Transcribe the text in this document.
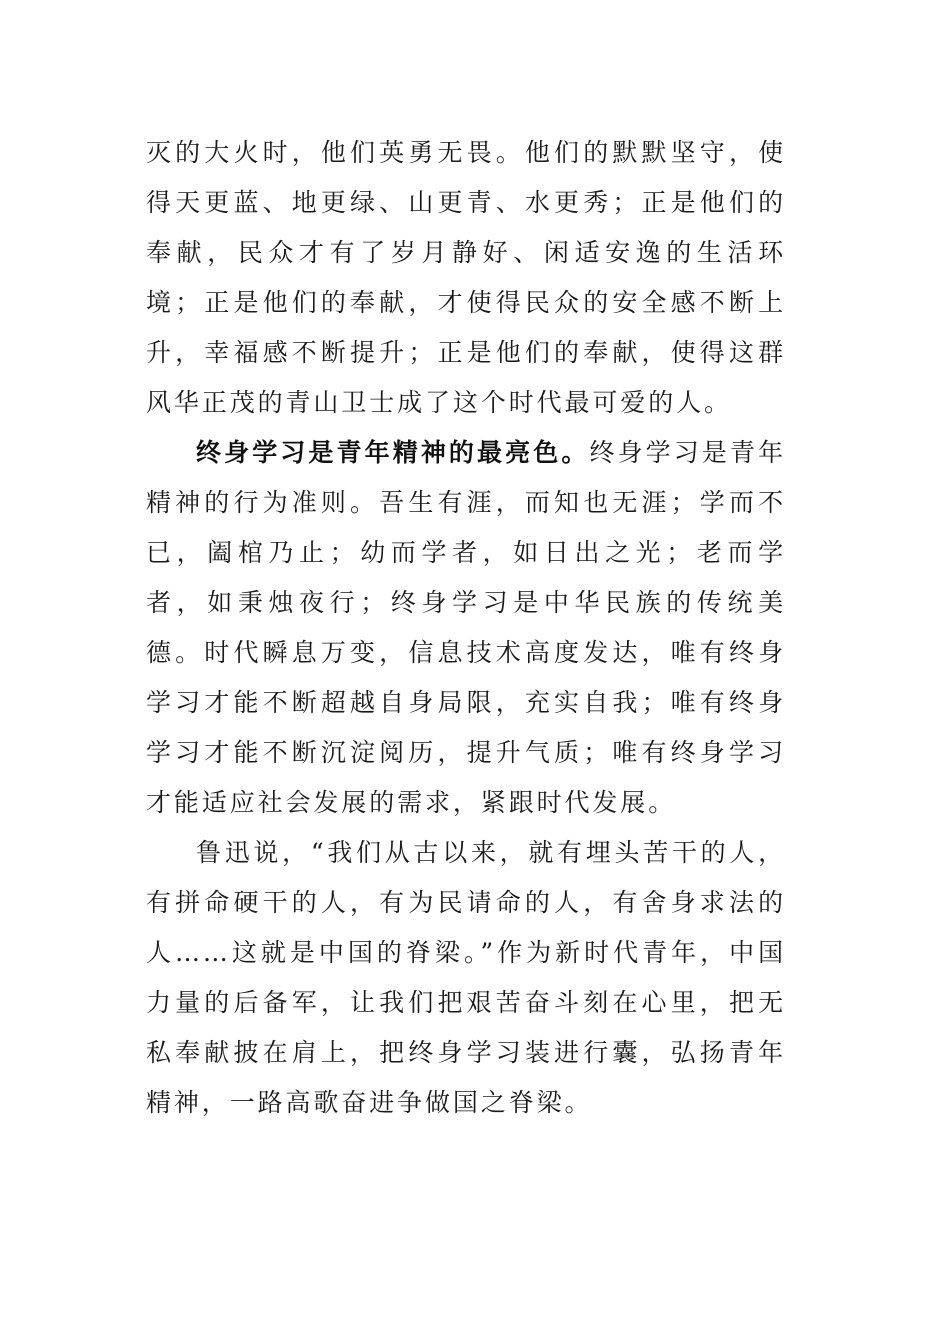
灭的大火时，他们英勇无畏。他们的默默坚守，使得天更蓝、地更绿、山更青、水更秀；正是他们的奉献，民众才有了岁月静好、闲适安逸的生活环境；正是他们的奉献，才使得民众的安全感不断上升，幸福感不断提升；正是他们的奉献，使得这群风华正茂的青山卫士成了这个时代最可爱的人。

终身学习是青年精神的最亮色。终身学习是青年精神的行为准则。吾生有涯，而知也无涯；学而不已，阖棺乃止；幼而学者，如日出之光；老而学者，如秉烛夜行；终身学习是中华民族的传统美德。时代瞬息万变，信息技术高度发达，唯有终身学习才能不断超越自身局限，充实自我；唯有终身学习才能不断沉淀阅历，提升气质；唯有终身学习才能适应社会发展的需求，紧跟时代发展。

鲁迅说，“我们从古以来，就有埋头苦干的人，有拼命硬干的人，有为民请命的人，有舍身求法的人……这就是中国的脊梁。”作为新时代青年，中国力量的后备军，让我们把艰苦奋斗刻在心里，把无私奉献披在肩上，把终身学习装进行囊，弘扬青年精神，一路高歌奋进争做国之脊梁。
